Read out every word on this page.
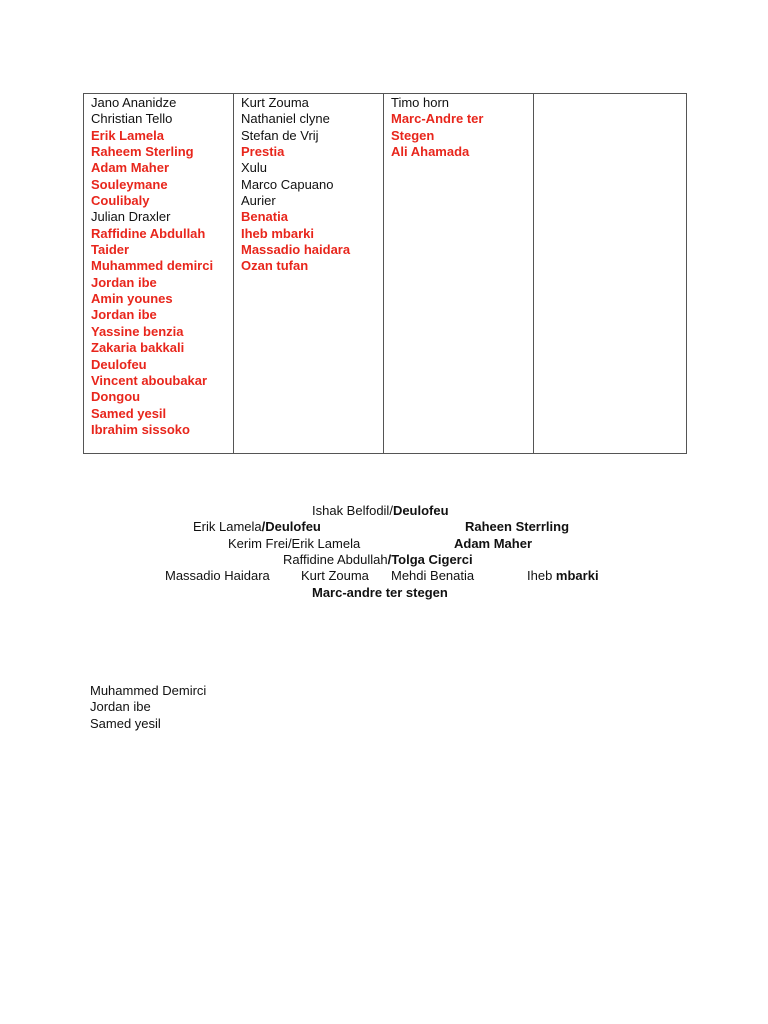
Jano Ananidze
Christian Tello
Erik Lamela
Raheem Sterling
Adam Maher
Souleymane
Coulibaly
Julian Draxler
Raffidine Abdullah
Taider
Muhammed demirci
Jordan ibe
Amin younes
Jordan ibe
Yassine benzia
Zakaria bakkali
Deulofeu
Vincent aboubakar
Dongou
Samed yesil
Ibrahim sissoko

Kurt Zouma
Nathaniel clyne
Stefan de Vrij
Prestia
Xulu
Marco Capuano
Aurier
Benatia
Iheb mbarki
Massadio haidara
Ozan tufan

Timo horn
Marc-Andre ter
Stegen
Ali Ahamada

Ishak Belfodil/Deulofeu
Erik Lamela/Deulofeu	Raheen Sterrling
Kerim Frei/Erik Lamela	Adam Maher
Raffidine Abdullah/Tolga Cigerci
Massadio Haidara Kurt Zouma Mehdi Benatia	Iheb mbarki
Marc-andre ter stegen
Muhammed Demirci
Jordan ibe
Samed yesil
